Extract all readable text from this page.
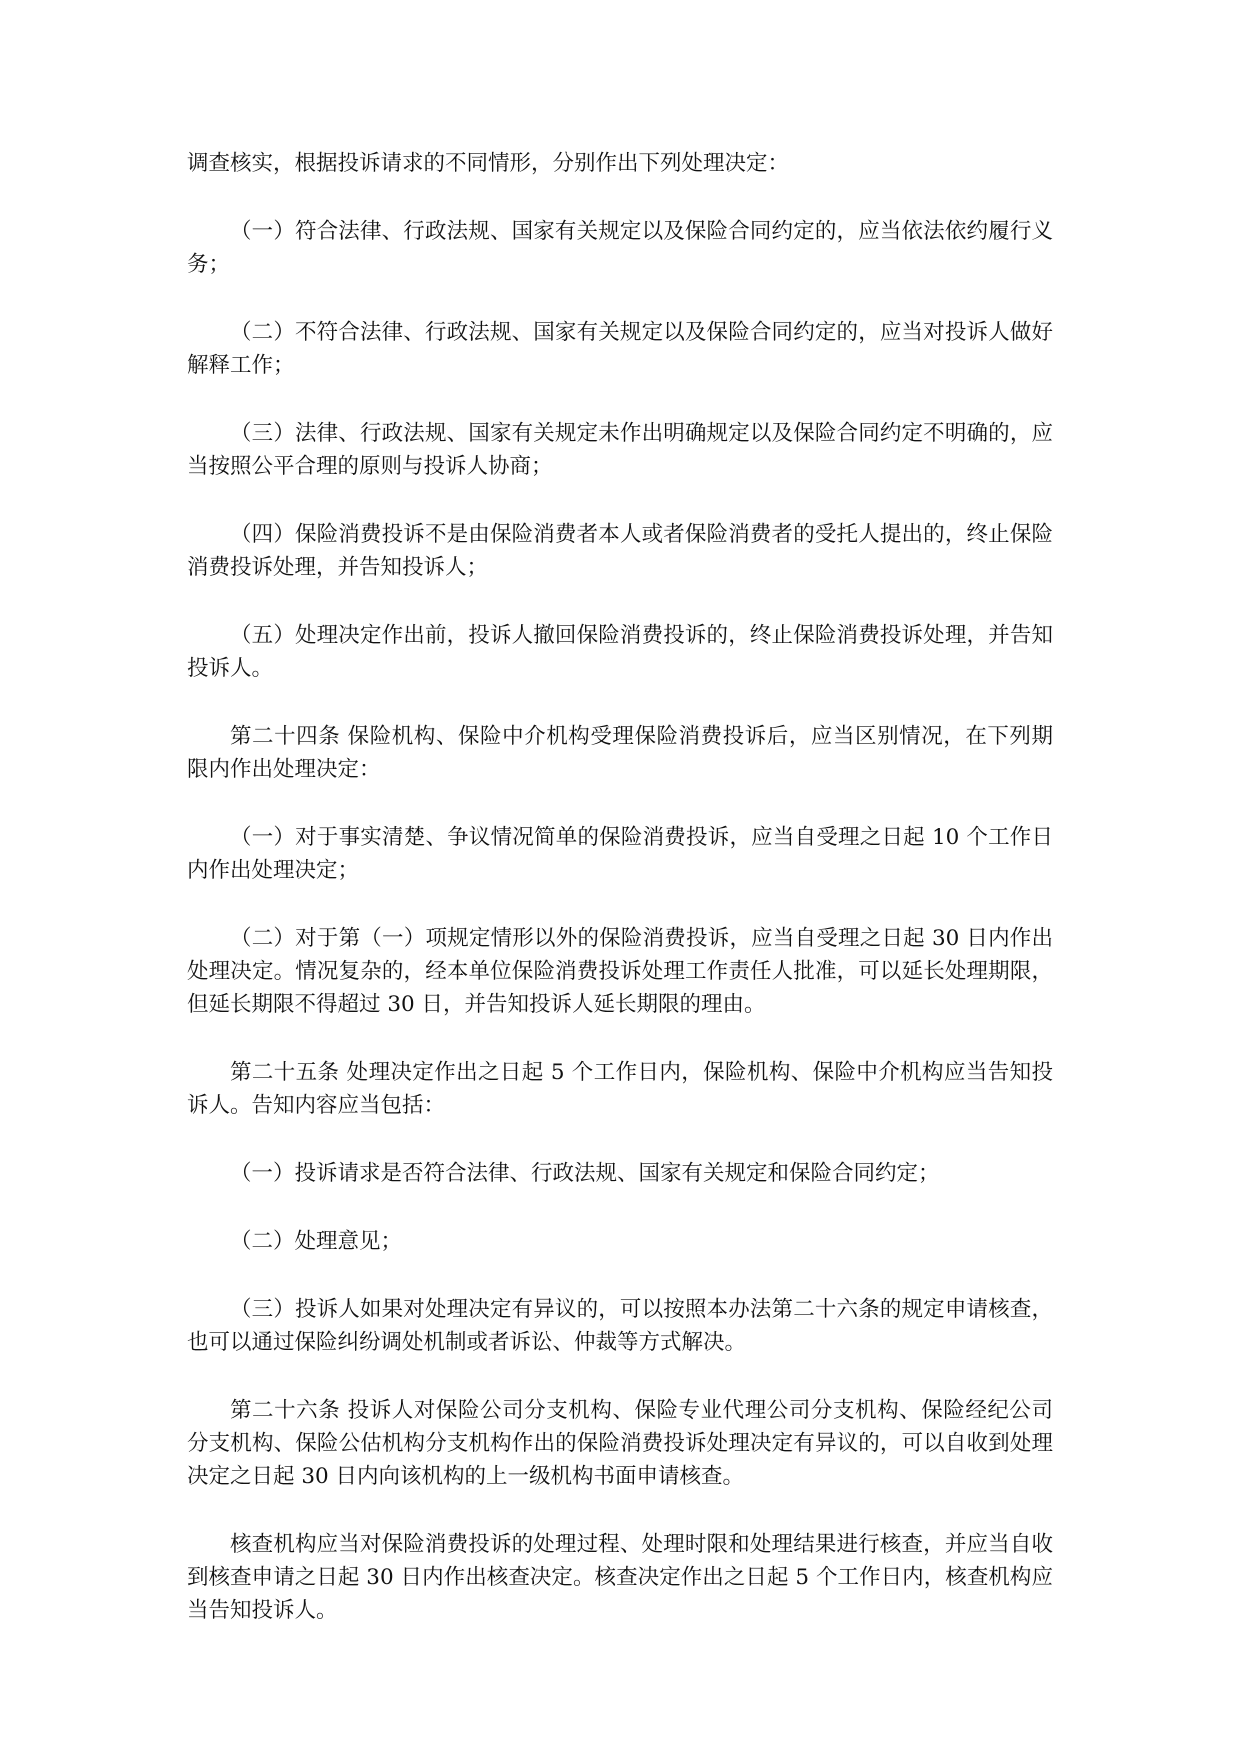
调查核实，根据投诉请求的不同情形，分别作出下列处理决定：

（一）符合法律、行政法规、国家有关规定以及保险合同约定的，应当依法依约履行义务；

（二）不符合法律、行政法规、国家有关规定以及保险合同约定的，应当对投诉人做好解释工作；

（三）法律、行政法规、国家有关规定未作出明确规定以及保险合同约定不明确的，应当按照公平合理的原则与投诉人协商；

（四）保险消费投诉不是由保险消费者本人或者保险消费者的受托人提出的，终止保险消费投诉处理，并告知投诉人；

（五）处理决定作出前，投诉人撤回保险消费投诉的，终止保险消费投诉处理，并告知投诉人。

第二十四条 保险机构、保险中介机构受理保险消费投诉后，应当区别情况，在下列期限内作出处理决定：

（一）对于事实清楚、争议情况简单的保险消费投诉，应当自受理之日起 10 个工作日内作出处理决定；

（二）对于第（一）项规定情形以外的保险消费投诉，应当自受理之日起 30 日内作出处理决定。情况复杂的，经本单位保险消费投诉处理工作责任人批准，可以延长处理期限，但延长期限不得超过 30 日，并告知投诉人延长期限的理由。

第二十五条 处理决定作出之日起 5 个工作日内，保险机构、保险中介机构应当告知投诉人。告知内容应当包括：

（一）投诉请求是否符合法律、行政法规、国家有关规定和保险合同约定；

（二）处理意见；

（三）投诉人如果对处理决定有异议的，可以按照本办法第二十六条的规定申请核查，也可以通过保险纠纷调处机制或者诉讼、仲裁等方式解决。

第二十六条 投诉人对保险公司分支机构、保险专业代理公司分支机构、保险经纪公司分支机构、保险公估机构分支机构作出的保险消费投诉处理决定有异议的，可以自收到处理决定之日起 30 日内向该机构的上一级机构书面申请核查。

核查机构应当对保险消费投诉的处理过程、处理时限和处理结果进行核查，并应当自收到核查申请之日起 30 日内作出核查决定。核查决定作出之日起 5 个工作日内，核查机构应当告知投诉人。
